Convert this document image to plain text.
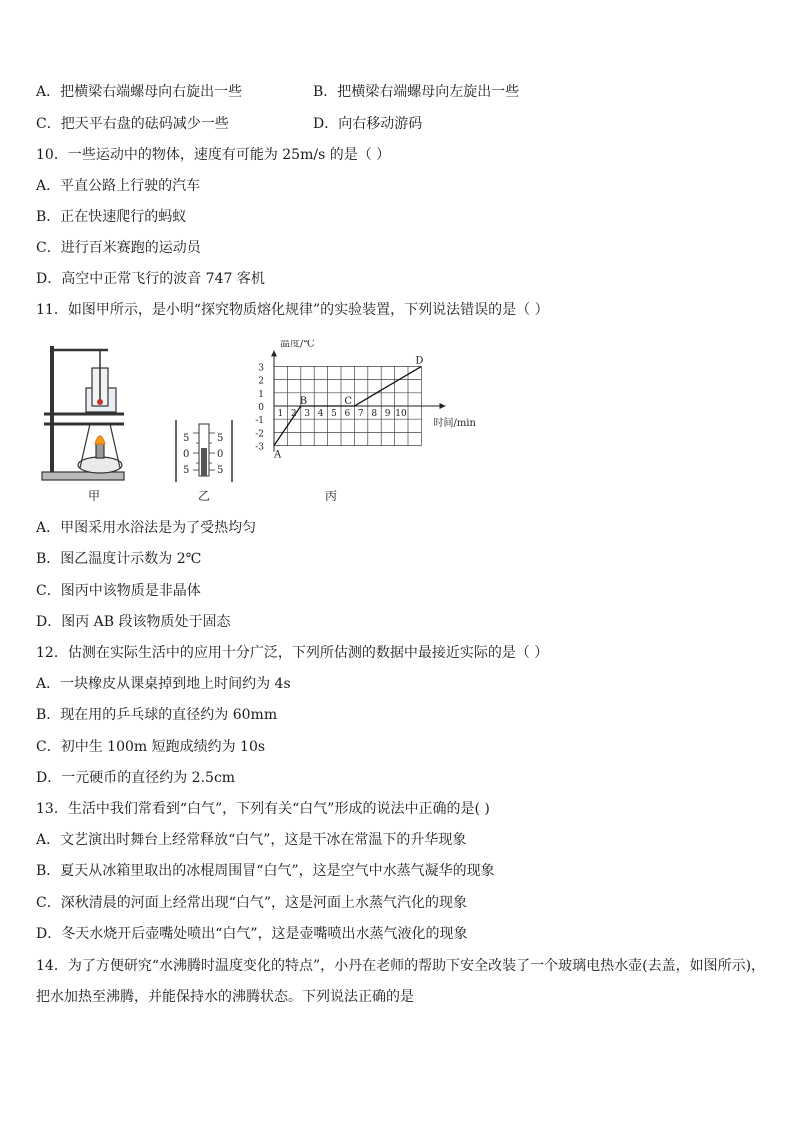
A．把横梁右端螺母向右旋出一些	B．把横梁右端螺母向左旋出一些
C．把天平右盘的砝码减少一些	D．向右移动游码
10．一些运动中的物体，速度有可能为 25m/s 的是（ ）
A．平直公路上行驶的汽车
B．正在快速爬行的蚂蚁
C．进行百米赛跑的运动员
D．高空中正常飞行的波音 747 客机
11．如图甲所示，是小明“探究物质熔化规律”的实验装置，下列说法错误的是（ ）
甲
5
0
5
5
0
5
乙
3
2
1
0
-1
-2
-3
1 2 3 4 5 6 7 8 9 10
温度/℃
时间/min
A
B	C
D
丙
A．甲图采用水浴法是为了受热均匀
B．图乙温度计示数为 2℃
C．图丙中该物质是非晶体
D．图丙 AB 段该物质处于固态
12．估测在实际生活中的应用十分广泛，下列所估测的数据中最接近实际的是（ ）
A．一块橡皮从课桌掉到地上时间约为 4s
B．现在用的乒乓球的直径约为 60mm
C．初中生 100m 短跑成绩约为 10s
D．一元硬币的直径约为 2.5cm
13．生活中我们常看到“白气”，下列有关“白气”形成的说法中正确的是( )
A．文艺演出时舞台上经常释放“白气”，这是干冰在常温下的升华现象
B．夏天从冰箱里取出的冰棍周围冒“白气”，这是空气中水蒸气凝华的现象
C．深秋清晨的河面上经常出现“白气”，这是河面上水蒸气汽化的现象
D．冬天水烧开后壶嘴处喷出“白气”，这是壶嘴喷出水蒸气液化的现象
14．为了方便研究“水沸腾时温度变化的特点”，小丹在老师的帮助下安全改装了一个玻璃电热水壶(去盖，如图所示)，
把水加热至沸腾，并能保持水的沸腾状态。下列说法正确的是
